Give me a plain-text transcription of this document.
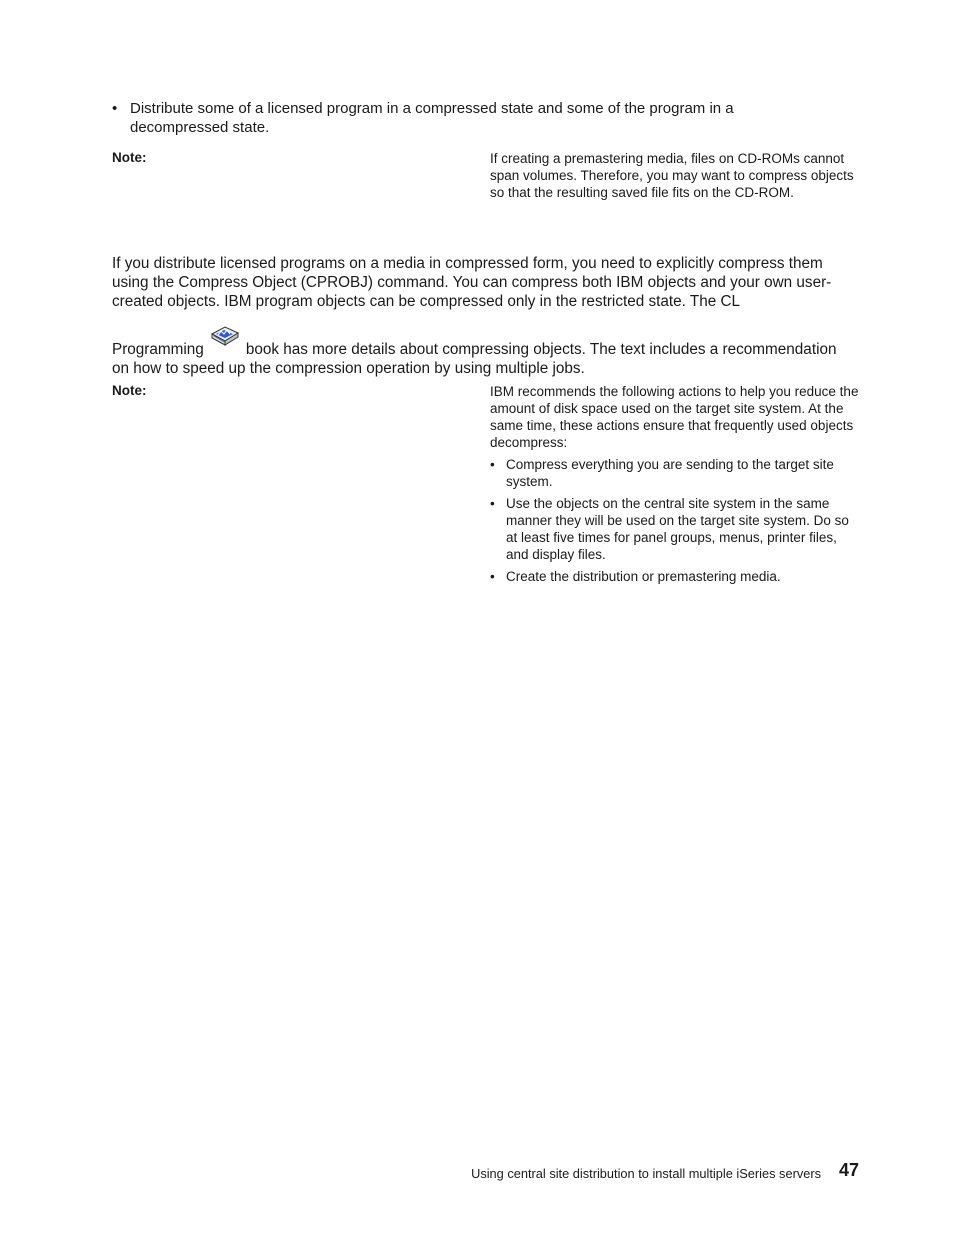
• Distribute some of a licensed program in a compressed state and some of the program in a decompressed state.
Note:	If creating a premastering media, files on CD-ROMs cannot span volumes. Therefore, you may want to compress objects so that the resulting saved file fits on the CD-ROM.
If you distribute licensed programs on a media in compressed form, you need to explicitly compress them using the Compress Object (CPROBJ) command. You can compress both IBM objects and your own user-created objects. IBM program objects can be compressed only in the restricted state. The CL
Programming	book has more details about compressing objects. The text includes a recommendation on how to speed up the compression operation by using multiple jobs.
Note:	IBM recommends the following actions to help you reduce the amount of disk space used on the target site system. At the same time, these actions ensure that frequently used objects decompress:
• Compress everything you are sending to the target site system.
• Use the objects on the central site system in the same manner they will be used on the target site system. Do so at least five times for panel groups, menus, printer files, and display files.
• Create the distribution or premastering media.
Using central site distribution to install multiple iSeries servers 47
